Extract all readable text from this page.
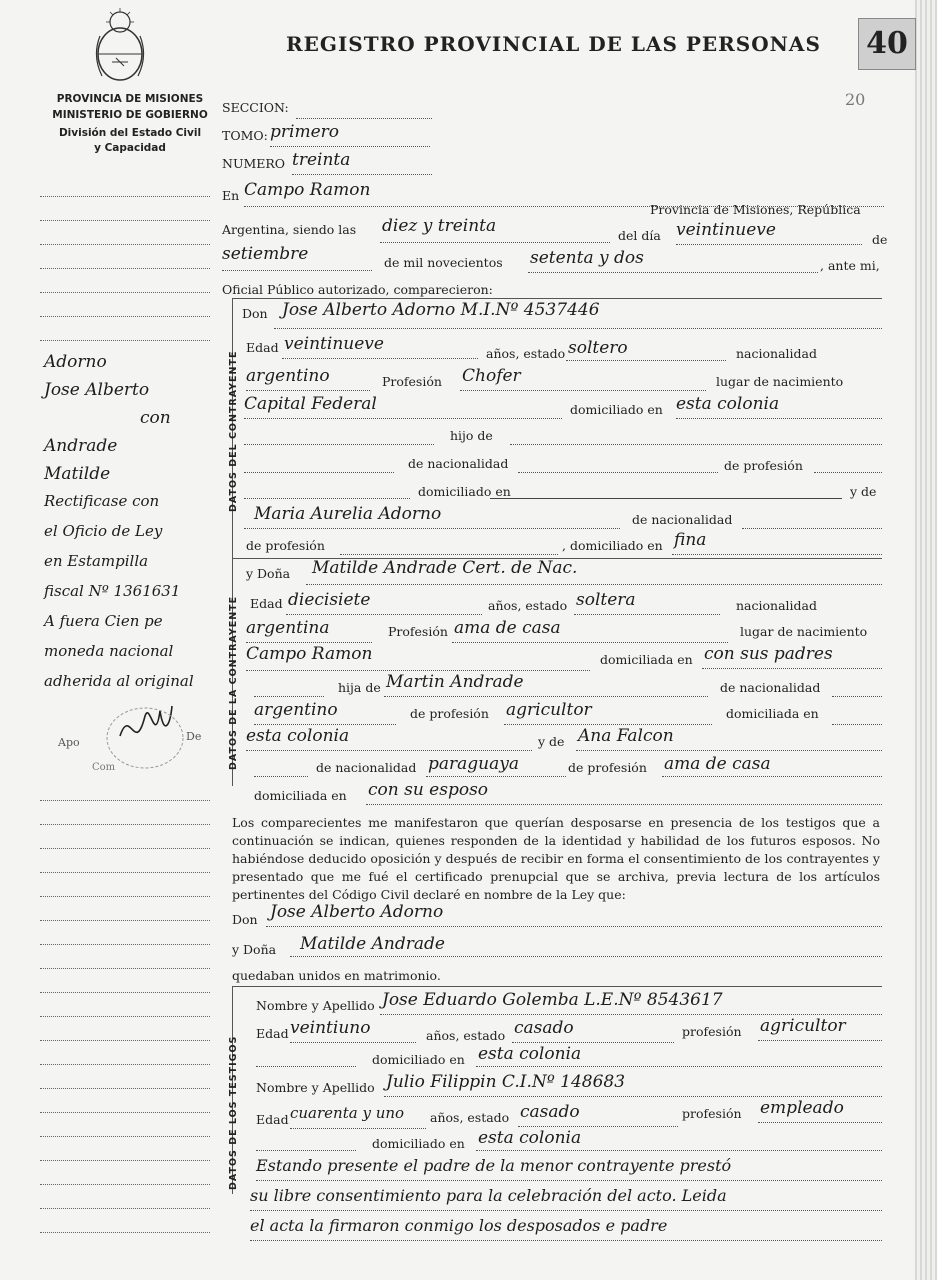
REGISTRO PROVINCIAL DE LAS PERSONAS 40
20
PROVINCIA DE MISIONES
MINISTERIO DE GOBIERNO
División del Estado Civil
y Capacidad
Adorno
Jose Alberto
con
Andrade
Matilde
Rectificase con
el Oficio de Ley
en Estampilla
fiscal Nº 1361631
A fuera Cien pe
moneda nacional
adherida al original
Apo	De
Com
SECCION:
TOMO: primero
NUMERO treinta
En Campo Ramon
Provincia de Misiones, República
Argentina, siendo las diez y treinta	del día veintinueve	de
setiembre	de mil novecientos setenta y dos	, ante mi,
Oficial Público autorizado, comparecieron:
DATOS DEL CONTRAYENTE
Don Jose Alberto Adorno M.I.Nº 4537446
Edad veintinueve	años, estado soltero	nacionalidad
argentino	Profesión Chofer	lugar de nacimiento
Capital Federal	domiciliado en esta colonia
hijo de
de nacionalidad	de profesión
domiciliado en	y de
Maria Aurelia Adorno	de nacionalidad
de profesión	, domiciliado en fina
DATOS DE LA CONTRAYENTE
y Doña Matilde Andrade Cert. de Nac.
Edad diecisiete	años, estado soltera	nacionalidad
argentina	Profesión ama de casa	lugar de nacimiento
Campo Ramon	domiciliada en con sus padres
hija de Martin Andrade	de nacionalidad
argentino	de profesión agricultor	domiciliada en
esta colonia	y de Ana Falcon
de nacionalidad paraguaya	de profesión ama de casa
domiciliada en con su esposo
Los comparecientes me manifestaron que querían desposarse en presencia de los testigos que a continuación se indican, quienes responden de la identidad y habilidad de los futuros esposos. No habiéndose deducido oposición y después de recibir en forma el consentimiento de los contrayentes y presentado que me fué el certificado prenupcial que se archiva, previa lectura de los artículos pertinentes del Código Civil declaré en nombre de la Ley que:
Don Jose Alberto Adorno
y Doña Matilde Andrade
quedaban unidos en matrimonio.
DATOS DE LOS TESTIGOS
Nombre y Apellido Jose Eduardo Golemba L.E.Nº 8543617
Edad veintiuno	años, estado casado	profesión agricultor
domiciliado en esta colonia
Nombre y Apellido Julio Filippin C.I.Nº 148683
Edad cuarenta y uno años, estado casado	profesión empleado
domiciliado en esta colonia
Estando presente el padre de la menor contrayente prestó
su libre consentimiento para la celebración del acto. Leida
el acta la firmaron conmigo los desposados e padre
